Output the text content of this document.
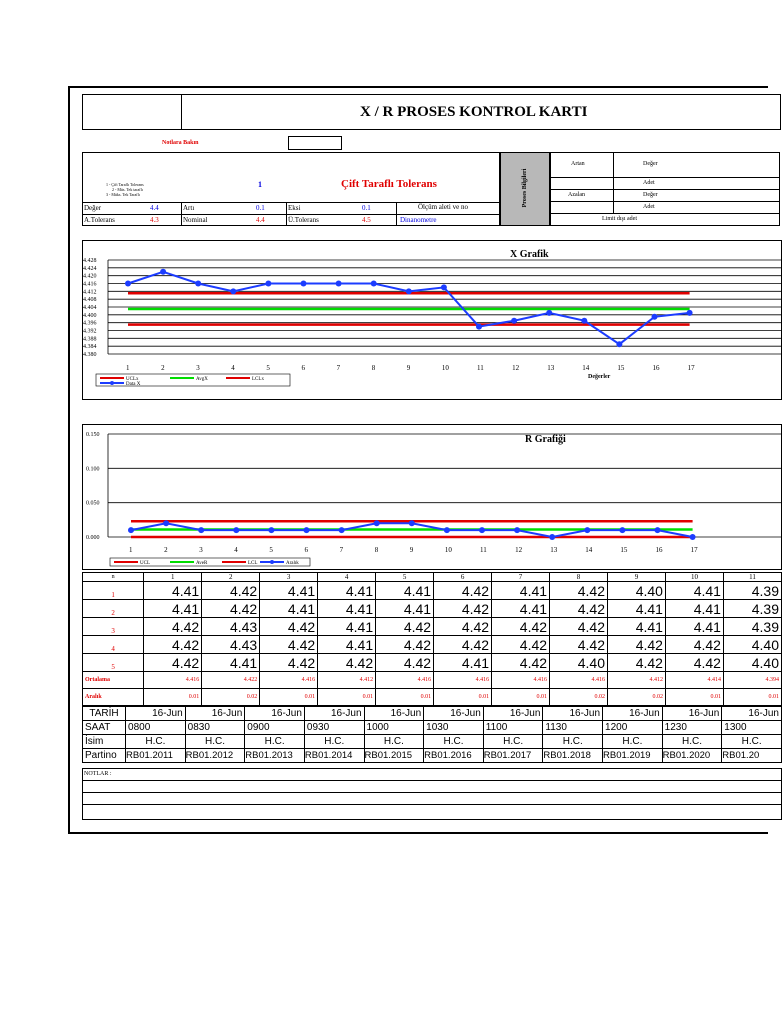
X / R PROSES KONTROL KARTI
Notlara Bakın
1 - Çift Taraflı Tolerans
2 - Müs. Tek taraflı
3 - Müks. Tek Taraflı
1	Çift Taraflı Tolerans
Değer	4.4	Artı	0.1	Eksi	0.1	Ölçüm aleti ve no
A.Tolerans	4.3	Nominal	4.4	Ü.Tolerans	4.5	Dinanometre
Proses Bilgileri
Artan	Değer
Adet
Azalan	Değer
Adet
Limit dışı adet
4.380
4.384
4.388
4.392
4.396
4.400
4.404
4.408
4.412
4.416
4.420
4.424
4.428
1	2	3	4	5	6	7	8	9	10	11	12	13	14	15	16	17
X Grafik
Değerler
UCLx	AvgX	LCLx
Data X
0.000
0.050
0.100
0.150
1	2	3	4	5	6	7	8	9	10	11	12	13	14	15	16	17
R Grafiği
UCL	AveR	LCL	Aralık
n	1	2	3	4	5	6	7	8	9	10	11
1	4.41	4.42	4.41	4.41	4.41	4.42	4.41	4.42	4.40	4.41	4.39
2	4.41	4.42	4.41	4.41	4.41	4.42	4.41	4.42	4.41	4.41	4.39
3	4.42	4.43	4.42	4.41	4.42	4.42	4.42	4.42	4.41	4.41	4.39
4	4.42	4.43	4.42	4.41	4.42	4.42	4.42	4.42	4.42	4.42	4.40
5	4.42	4.41	4.42	4.42	4.42	4.41	4.42	4.40	4.42	4.42	4.40
Ortalama	4.416	4.422	4.416	4.412	4.416	4.416	4.416	4.416	4.412	4.414	4.394
Aralık	0.01	0.02	0.01	0.01	0.01	0.01	0.01	0.02	0.02	0.01	0.01
TARİH	16-Jun	16-Jun	16-Jun	16-Jun	16-Jun	16-Jun	16-Jun	16-Jun	16-Jun	16-Jun	16-Jun
SAAT	0800	0830	0900	0930	1000	1030	1100	1130	1200	1230	1300
İsim	H.C.	H.C.	H.C.	H.C.	H.C.	H.C.	H.C.	H.C.	H.C.	H.C.	H.C.
Partino	RB01.2011	RB01.2012	RB01.2013	RB01.2014	RB01.2015	RB01.2016	RB01.2017	RB01.2018	RB01.2019	RB01.2020	RB01.20
NOTLAR :
